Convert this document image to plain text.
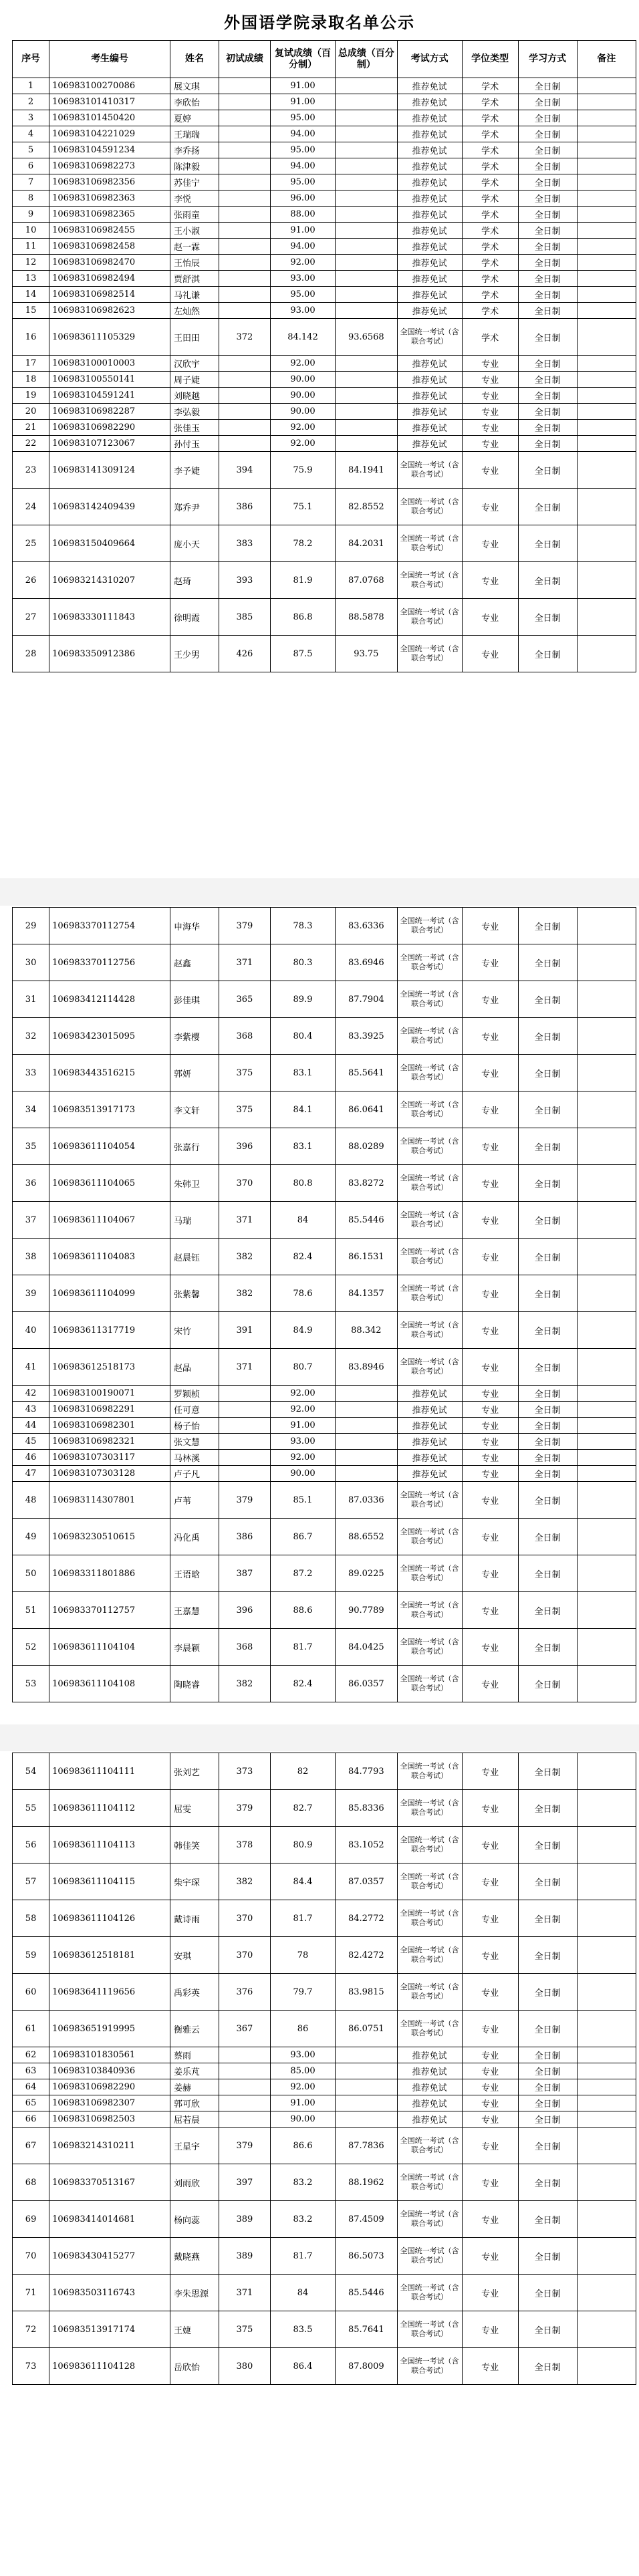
外国语学院录取名单公示
序号	考生编号	姓名	初试成绩	复试成绩（百分制）	总成绩（百分制）	考试方式	学位类型	学习方式	备注
1	106983100270086	展文琪		91.00		推荐免试	学术	全日制	
2	106983101410317	李欣怡		91.00		推荐免试	学术	全日制	
3	106983101450420	夏婷		95.00		推荐免试	学术	全日制	
4	106983104221029	王瑞瑞		94.00		推荐免试	学术	全日制	
5	106983104591234	李乔扬		95.00		推荐免试	学术	全日制	
6	106983106982273	陈津毅		94.00		推荐免试	学术	全日制	
7	106983106982356	苏佳宁		95.00		推荐免试	学术	全日制	
8	106983106982363	李悦		96.00		推荐免试	学术	全日制	
9	106983106982365	张雨童		88.00		推荐免试	学术	全日制	
10	106983106982455	王小淑		91.00		推荐免试	学术	全日制	
11	106983106982458	赵一霖		94.00		推荐免试	学术	全日制	
12	106983106982470	王怡辰		92.00		推荐免试	学术	全日制	
13	106983106982494	贾舒淇		93.00		推荐免试	学术	全日制	
14	106983106982514	马礼谦		95.00		推荐免试	学术	全日制	
15	106983106982623	左灿然		93.00		推荐免试	学术	全日制	
16	106983611105329	王田田	372	84.142	93.6568	全国统一考试（含联合考试）	学术	全日制	
17	106983100010003	汉欣宇		92.00		推荐免试	专业	全日制	
18	106983100550141	周子婕		90.00		推荐免试	专业	全日制	
19	106983104591241	刘晓越		90.00		推荐免试	专业	全日制	
20	106983106982287	李弘毅		90.00		推荐免试	专业	全日制	
21	106983106982290	张佳玉		92.00		推荐免试	专业	全日制	
22	106983107123067	孙付玉		92.00		推荐免试	专业	全日制	
23	106983141309124	李予婕	394	75.9	84.1941	全国统一考试（含联合考试）	专业	全日制	
24	106983142409439	郑乔尹	386	75.1	82.8552	全国统一考试（含联合考试）	专业	全日制	
25	106983150409664	庞小天	383	78.2	84.2031	全国统一考试（含联合考试）	专业	全日制	
26	106983214310207	赵琦	393	81.9	87.0768	全国统一考试（含联合考试）	专业	全日制	
27	106983330111843	徐明霞	385	86.8	88.5878	全国统一考试（含联合考试）	专业	全日制	
28	106983350912386	王少男	426	87.5	93.75	全国统一考试（含联合考试）	专业	全日制	
29	106983370112754	申海华	379	78.3	83.6336	全国统一考试（含联合考试）	专业	全日制	
30	106983370112756	赵鑫	371	80.3	83.6946	全国统一考试（含联合考试）	专业	全日制	
31	106983412114428	彭佳琪	365	89.9	87.7904	全国统一考试（含联合考试）	专业	全日制	
32	106983423015095	李紫樱	368	80.4	83.3925	全国统一考试（含联合考试）	专业	全日制	
33	106983443516215	郭妍	375	83.1	85.5641	全国统一考试（含联合考试）	专业	全日制	
34	106983513917173	李文轩	375	84.1	86.0641	全国统一考试（含联合考试）	专业	全日制	
35	106983611104054	张嘉行	396	83.1	88.0289	全国统一考试（含联合考试）	专业	全日制	
36	106983611104065	朱韩卫	370	80.8	83.8272	全国统一考试（含联合考试）	专业	全日制	
37	106983611104067	马瑞	371	84	85.5446	全国统一考试（含联合考试）	专业	全日制	
38	106983611104083	赵晨钰	382	82.4	86.1531	全国统一考试（含联合考试）	专业	全日制	
39	106983611104099	张紫馨	382	78.6	84.1357	全国统一考试（含联合考试）	专业	全日制	
40	106983611317719	宋竹	391	84.9	88.342	全国统一考试（含联合考试）	专业	全日制	
41	106983612518173	赵晶	371	80.7	83.8946	全国统一考试（含联合考试）	专业	全日制	
42	106983100190071	罗颖桢		92.00		推荐免试	专业	全日制	
43	106983106982291	任可意		92.00		推荐免试	专业	全日制	
44	106983106982301	杨子怡		91.00		推荐免试	专业	全日制	
45	106983106982321	张文慧		93.00		推荐免试	专业	全日制	
46	106983107303117	马林溪		92.00		推荐免试	专业	全日制	
47	106983107303128	卢子凡		90.00		推荐免试	专业	全日制	
48	106983114307801	卢苇	379	85.1	87.0336	全国统一考试（含联合考试）	专业	全日制	
49	106983230510615	冯化禹	386	86.7	88.6552	全国统一考试（含联合考试）	专业	全日制	
50	106983311801886	王语晗	387	87.2	89.0225	全国统一考试（含联合考试）	专业	全日制	
51	106983370112757	王嘉慧	396	88.6	90.7789	全国统一考试（含联合考试）	专业	全日制	
52	106983611104104	李晨颖	368	81.7	84.0425	全国统一考试（含联合考试）	专业	全日制	
53	106983611104108	陶晓睿	382	82.4	86.0357	全国统一考试（含联合考试）	专业	全日制	
54	106983611104111	张刘艺	373	82	84.7793	全国统一考试（含联合考试）	专业	全日制	
55	106983611104112	屈雯	379	82.7	85.8336	全国统一考试（含联合考试）	专业	全日制	
56	106983611104113	韩佳笑	378	80.9	83.1052	全国统一考试（含联合考试）	专业	全日制	
57	106983611104115	柴宇琛	382	84.4	87.0357	全国统一考试（含联合考试）	专业	全日制	
58	106983611104126	戴诗雨	370	81.7	84.2772	全国统一考试（含联合考试）	专业	全日制	
59	106983612518181	安琪	370	78	82.4272	全国统一考试（含联合考试）	专业	全日制	
60	106983641119656	禹彩英	376	79.7	83.9815	全国统一考试（含联合考试）	专业	全日制	
61	106983651919995	衡雅云	367	86	86.0751	全国统一考试（含联合考试）	专业	全日制	
62	106983101830561	蔡雨		93.00		推荐免试	专业	全日制	
63	106983103840936	姜乐芃		85.00		推荐免试	专业	全日制	
64	106983106982290	姜赫		92.00		推荐免试	专业	全日制	
65	106983106982307	郭可欣		91.00		推荐免试	专业	全日制	
66	106983106982503	屈若晨		90.00		推荐免试	专业	全日制	
67	106983214310211	王星宇	379	86.6	87.7836	全国统一考试（含联合考试）	专业	全日制	
68	106983370513167	刘雨欣	397	83.2	88.1962	全国统一考试（含联合考试）	专业	全日制	
69	106983414014681	杨向蕊	389	83.2	87.4509	全国统一考试（含联合考试）	专业	全日制	
70	106983430415277	戴晓燕	389	81.7	86.5073	全国统一考试（含联合考试）	专业	全日制	
71	106983503116743	李朱思源	371	84	85.5446	全国统一考试（含联合考试）	专业	全日制	
72	106983513917174	王婕	375	83.5	85.7641	全国统一考试（含联合考试）	专业	全日制	
73	106983611104128	岳欣怡	380	86.4	87.8009	全国统一考试（含联合考试）	专业	全日制	
